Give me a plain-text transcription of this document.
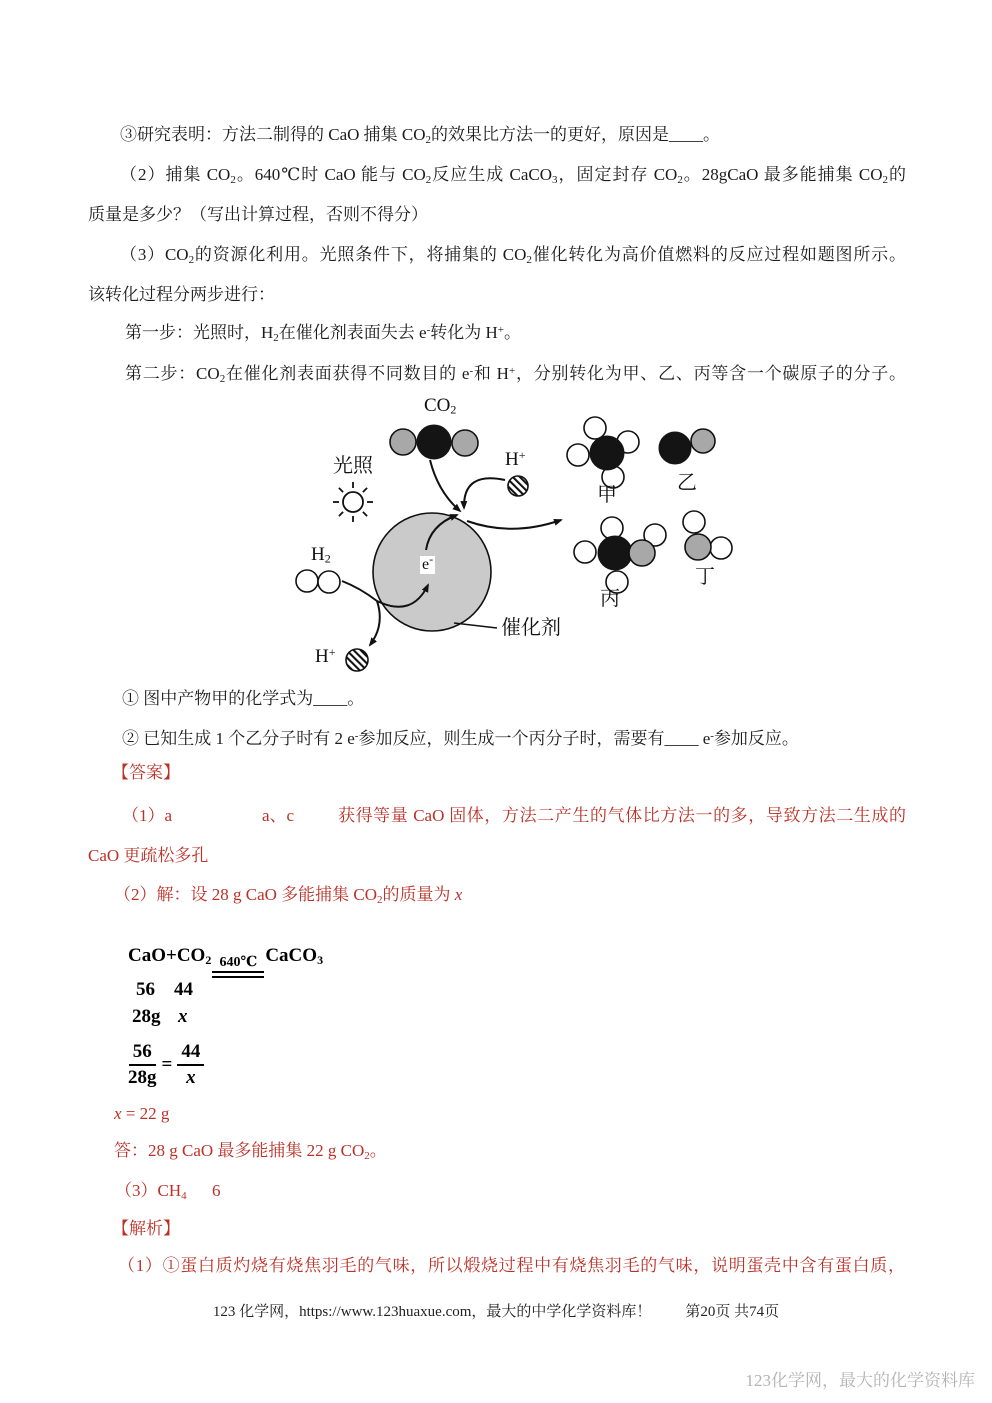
③研究表明：方法二制得的 CaO 捕集 $CO_2$的效果比方法一的更好，原因是____。
（2）捕集 $CO_2$。640℃时 CaO 能与 $CO_2$反应生成 CaCO$_3$，固定封存 $CO_2$。28gCaO 最多能捕集 $CO_2$的
质量是多少？（写出计算过程，否则不得分）
$(3)CO_2$的资源化利用。光照条件下，将捕集的 $CO_2$催化转化为高价值燃料的反应过程如题图所示。
该转化过程分两步进行：
第一步：光照时，$H_2$在催化剂表面失去 e-转化为 H+。
第二步：$CO_2$在催化剂表面获得不同数目的 e-和 H+，分别转化为甲、乙、丙等含一个碳原子的分子。
$CO_2$
光照	H+
$H_2$	e-
H+
催化剂
甲
乙
丙
丁
① 图中产物甲的化学式为____。
② 已知生成 1 个乙分子时有 2 e-参加反应，则生成一个丙分子时，需要有____ e-参加反应。
【答案】
（1）a	a、c	获得等量 CaO 固体，方法二产生的气体比方法一的多，导致方法二生成的
CaO 更疏松多孔
（2）解：设 28 g CaO 多能捕集 $CO_2$的质量为 x
$CaO+CO_2$ 640℃ CaCO$_3$
56 44
28g x
$\frac{56}{28g} = \frac{44}{x}$
x = 22 g
答：28 g CaO 最多能捕集 22 g $CO_2$。
$(3)CH_4$ 6
【解析】
（1）①蛋白质灼烧有烧焦羽毛的气味，所以煅烧过程中有烧焦羽毛的气味，说明蛋壳中含有蛋白质，
123 化学网，https://www.123huaxue.com，最大的中学化学资料库！ 第20页 共74页
123化学网，最大的化学资料库
